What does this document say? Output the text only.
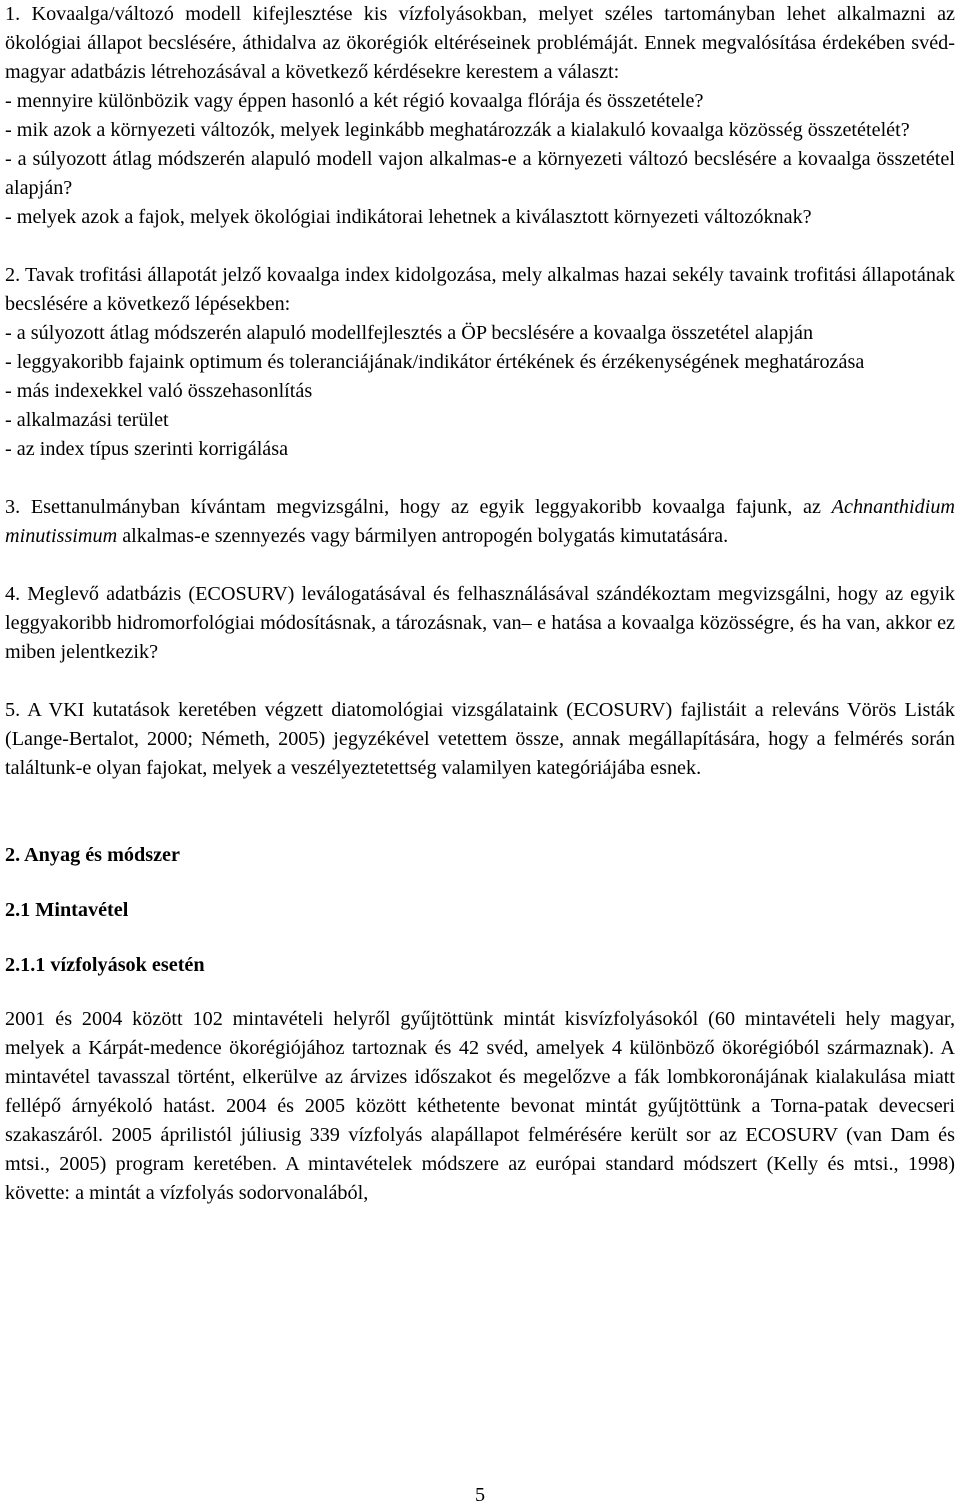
1. Kovaalga/változó modell kifejlesztése kis vízfolyásokban, melyet széles tartományban lehet alkalmazni az ökológiai állapot becslésére, áthidalva az ökorégiók eltéréseinek problémáját. Ennek megvalósítása érdekében svéd-magyar adatbázis létrehozásával a következő kérdésekre kerestem a választ:

- mennyire különbözik vagy éppen hasonló a két régió kovaalga flórája és összetétele?

- mik azok a környezeti változók, melyek leginkább meghatározzák a kialakuló kovaalga közösség összetételét?

- a súlyozott átlag módszerén alapuló modell vajon alkalmas-e a környezeti változó becslésére a kovaalga összetétel alapján?

- melyek azok a fajok, melyek ökológiai indikátorai lehetnek a kiválasztott környezeti változóknak?

2. Tavak trofitási állapotát jelző kovaalga index kidolgozása, mely alkalmas hazai sekély tavaink trofitási állapotának becslésére a következő lépésekben:

- a súlyozott átlag módszerén alapuló modellfejlesztés a ÖP becslésére a kovaalga összetétel alapján

- leggyakoribb fajaink optimum és toleranciájának/indikátor értékének és érzékenységének meghatározása

- más indexekkel való összehasonlítás

- alkalmazási terület

- az index típus szerinti korrigálása

3. Esettanulmányban kívántam megvizsgálni, hogy az egyik leggyakoribb kovaalga fajunk, az Achnanthidium minutissimum alkalmas-e szennyezés vagy bármilyen antropogén bolygatás kimutatására.

4. Meglevő adatbázis (ECOSURV) leválogatásával és felhasználásával szándékoztam megvizsgálni, hogy az egyik leggyakoribb hidromorfológiai módosításnak, a tározásnak, van– e hatása a kovaalga közösségre, és ha van, akkor ez miben jelentkezik?

5. A VKI kutatások keretében végzett diatomológiai vizsgálataink (ECOSURV) fajlistáit a releváns Vörös Listák (Lange-Bertalot, 2000; Németh, 2005) jegyzékével vetettem össze, annak megállapítására, hogy a felmérés során találtunk-e olyan fajokat, melyek a veszélyeztetettség valamilyen kategóriájába esnek.

2. Anyag és módszer

2.1 Mintavétel

2.1.1 vízfolyások esetén

2001 és 2004 között 102 mintavételi helyről gyűjtöttünk mintát kisvízfolyásokól (60 mintavételi hely magyar, melyek a Kárpát-medence ökorégiójához tartoznak és 42 svéd, amelyek 4 különböző ökorégióból származnak). A mintavétel tavasszal történt, elkerülve az árvizes időszakot és megelőzve a fák lombkoronájának kialakulása miatt fellépő árnyékoló hatást. 2004 és 2005 között kéthetente bevonat mintát gyűjtöttünk a Torna-patak devecseri szakaszáról. 2005 áprilistól júliusig 339 vízfolyás alapállapot felmérésére került sor az ECOSURV (van Dam és mtsi., 2005) program keretében. A mintavételek módszere az európai standard módszert (Kelly és mtsi., 1998) követte: a mintát a vízfolyás sodorvonalából,

5
